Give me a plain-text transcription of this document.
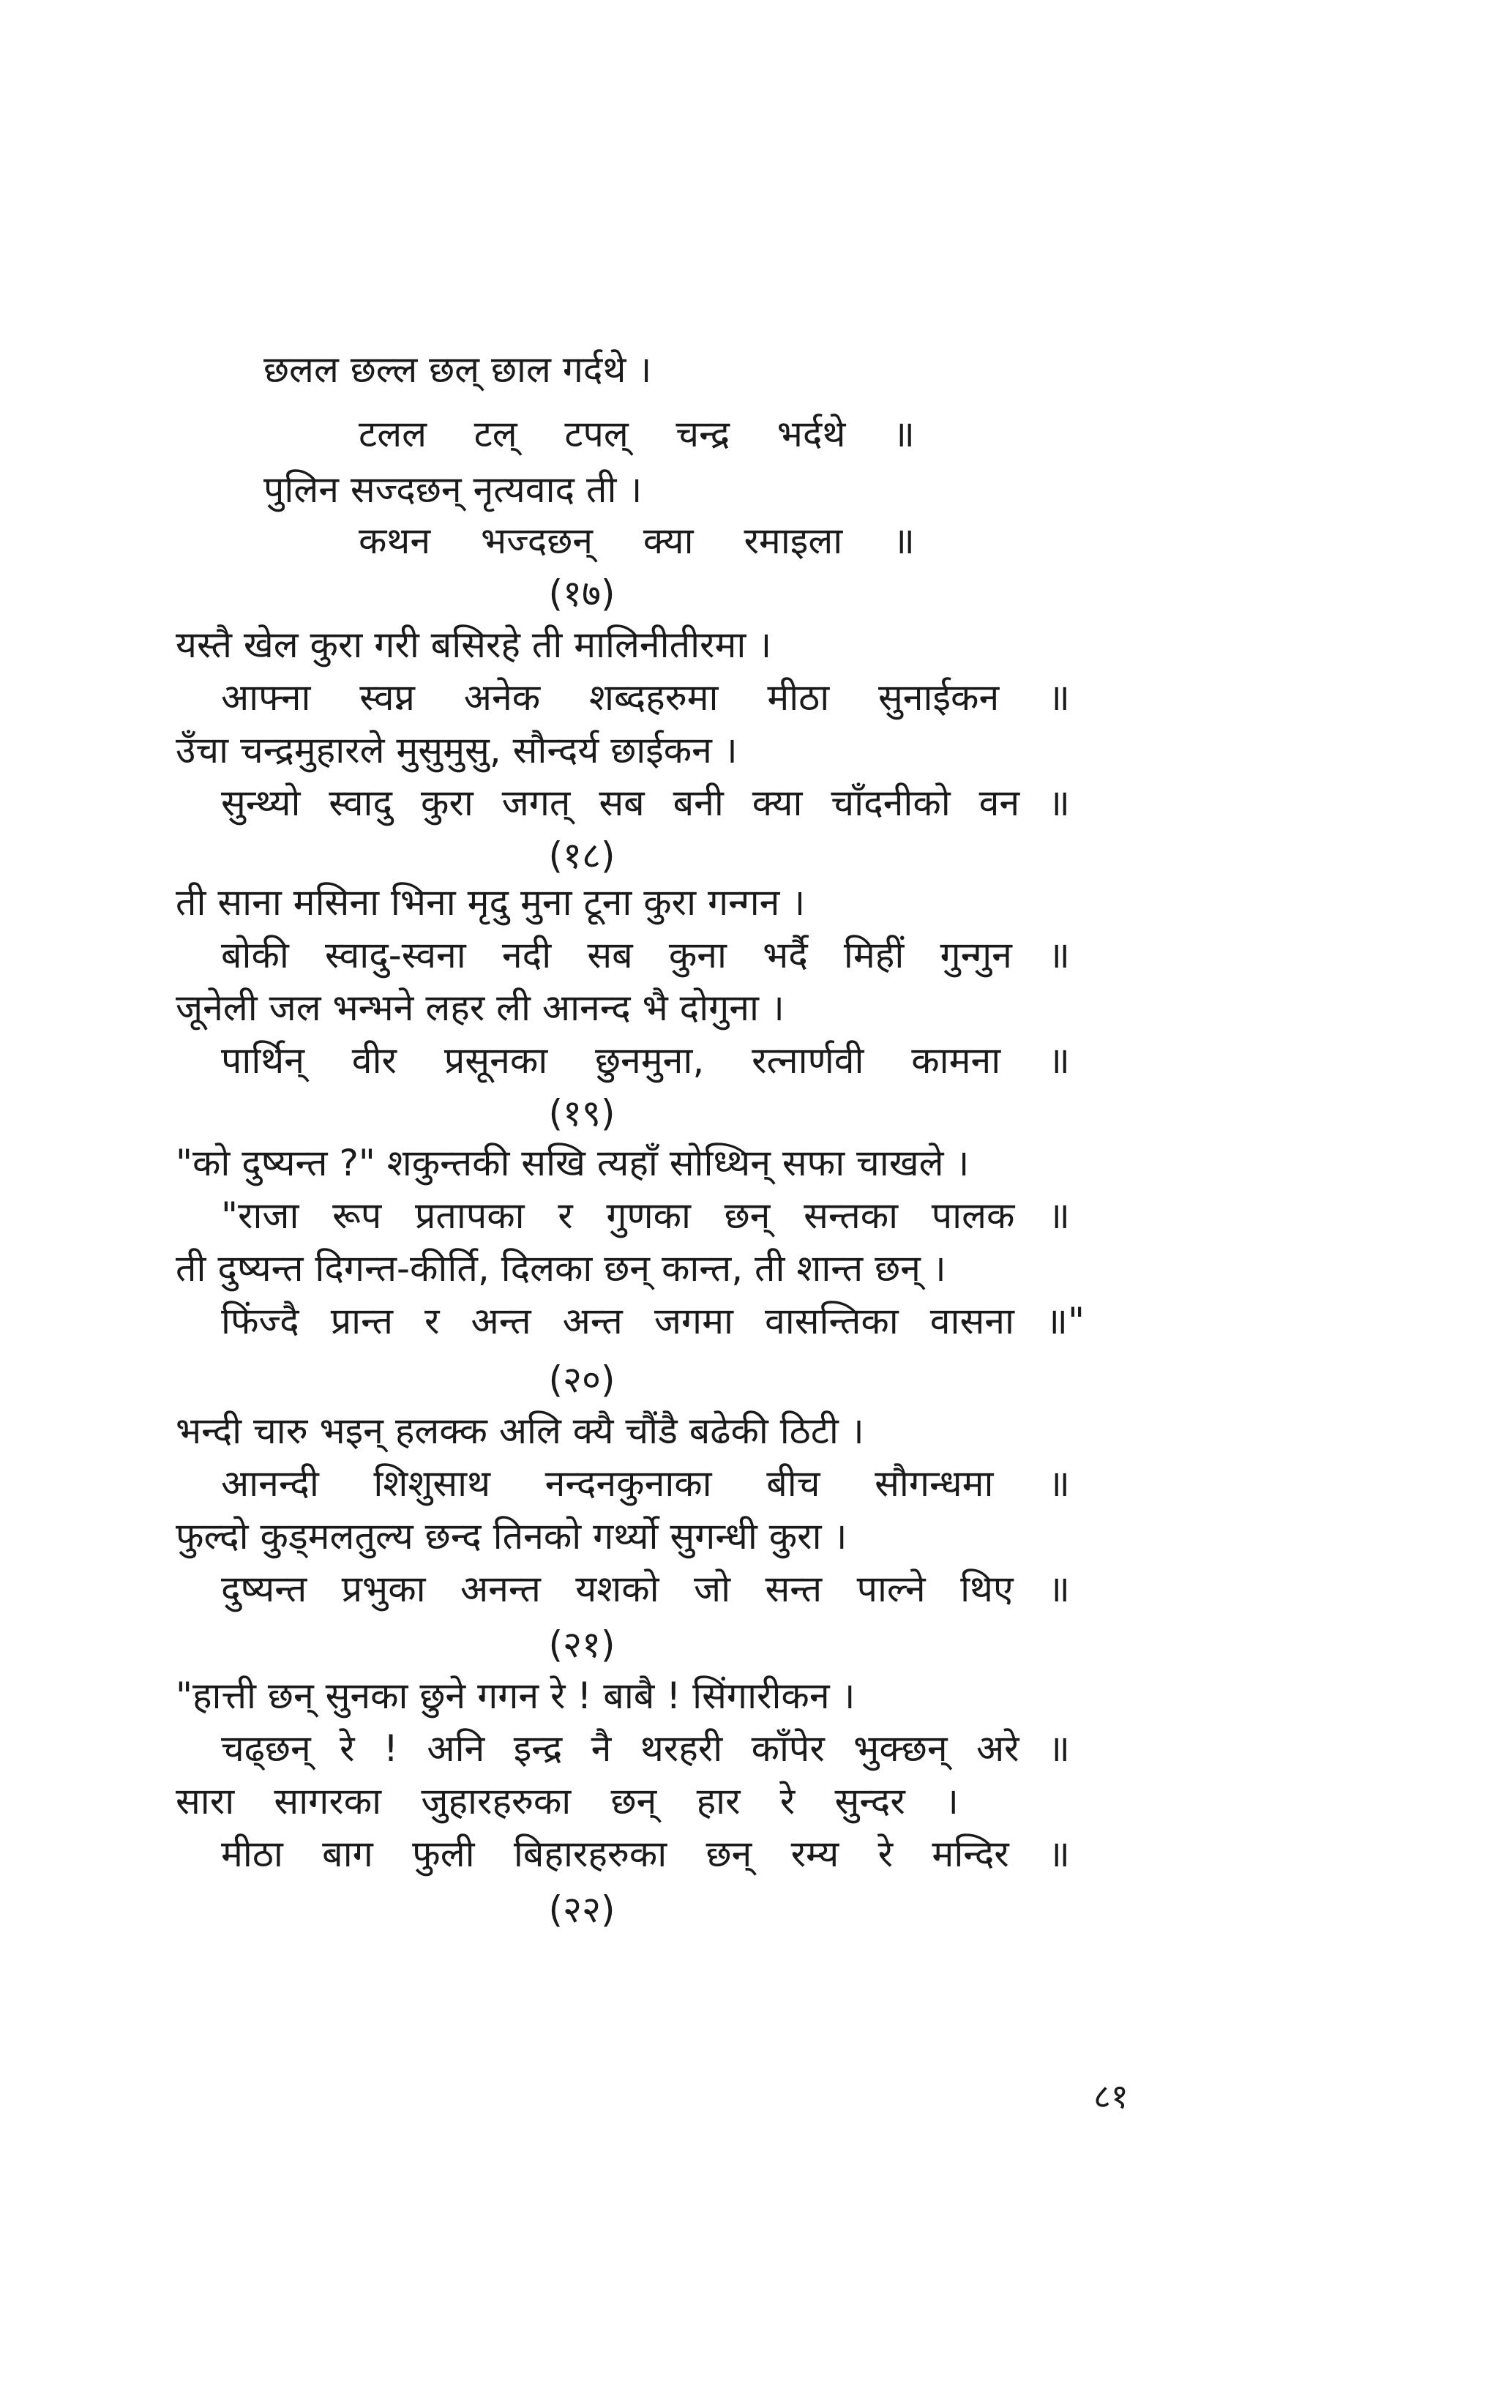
छलल छल्ल छल् छाल गर्दथे ।
टलल टल् टपल् चन्द्र भर्दथे ॥
पुलिन सज्दछन् नृत्यवाद ती ।
कथन भज्दछन् क्या रमाइला ॥
(१७)
यस्तै खेल कुरा गरी बसिरहे ती मालिनीतीरमा ।
आफ्ना स्वप्न अनेक शब्दहरुमा मीठा सुनाईकन ॥
उँचा चन्द्रमुहारले मुसुमुसु, सौन्दर्य छाईकन ।
सुन्थ्यो स्वादु कुरा जगत् सब बनी क्या चाँदनीको वन ॥
(१८)
ती साना मसिना भिना मृदु मुना टूना कुरा गन्गन ।
बोकी स्वादु-स्वना नदी सब कुना भर्दै मिहीं गुन्गुन ॥
जूनेली जल भन्भने लहर ली आनन्द भै दोगुना ।
पार्थिन् वीर प्रसूनका छुनमुना, रत्नार्णवी कामना ॥
(१९)
"को दुष्यन्त ?" शकुन्तकी सखि त्यहाँ सोध्थिन् सफा चाखले ।
"राजा रूप प्रतापका र गुणका छन् सन्तका पालक ॥
ती दुष्यन्त दिगन्त-कीर्ति, दिलका छन् कान्त, ती शान्त छन् ।
फिंज्दै प्रान्त र अन्त अन्त जगमा वासन्तिका वासना ॥"
(२०)
भन्दी चारु भइन् हलक्क अलि क्यै चौंडै बढेकी ठिटी ।
आनन्दी शिशुसाथ नन्दनकुनाका बीच सौगन्धमा ॥
फुल्दो कुड्मलतुल्य छन्द तिनको गर्थ्यो सुगन्धी कुरा ।
दुष्यन्त प्रभुका अनन्त यशको जो सन्त पाल्ने थिए ॥
(२१)
"हात्ती छन् सुनका छुने गगन रे ! बाबै ! सिंगारीकन ।
चढ्छन् रे ! अनि इन्द्र नै थरहरी काँपेर भुक्छन् अरे ॥
सारा सागरका जुहारहरुका छन् हार रे सुन्दर ।
मीठा बाग फुली बिहारहरुका छन् रम्य रे मन्दिर ॥
(२२)
८१
